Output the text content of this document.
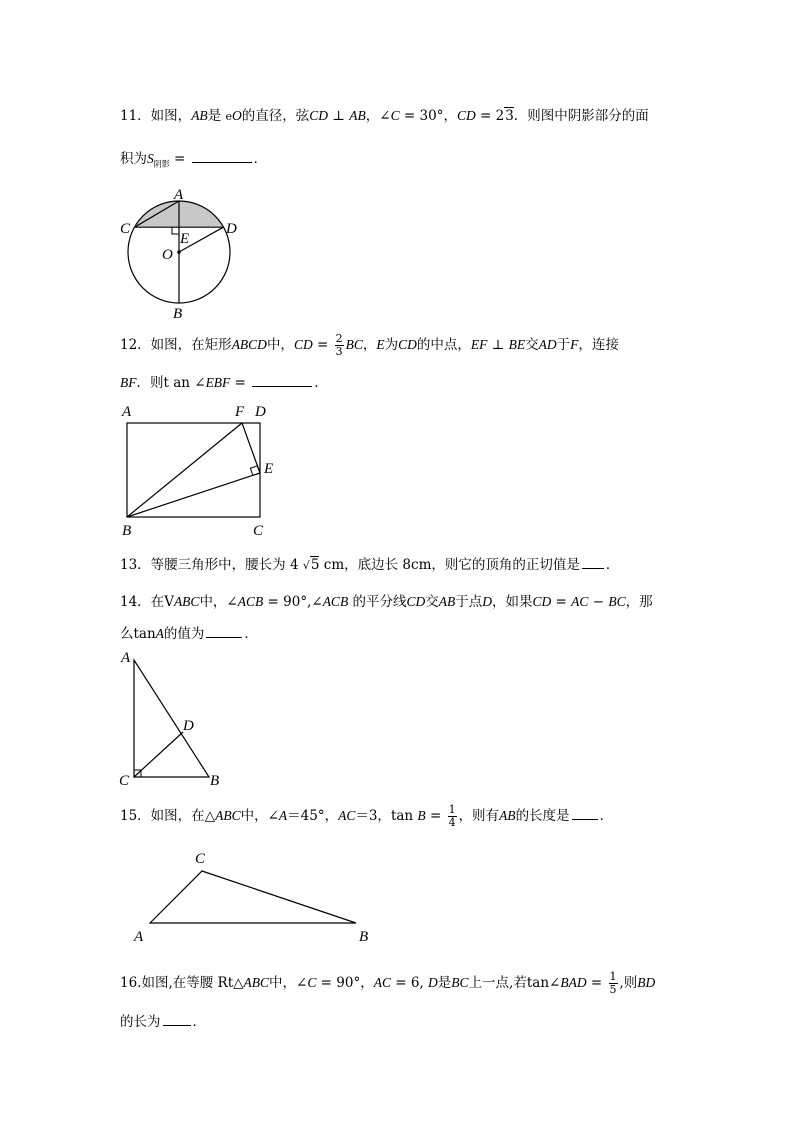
11．如图，AB是 eO的直径，弦CD ⊥ AB，∠C = 30°，CD = 23．则图中阴影部分的面
积为$S_{阴影}$ =	．
A
B
C	D
E
O
12．如图，在矩形ABCD中，CD = $\frac{2}{3}$ BC，E为CD的中点，EF ⊥ BE交AD于F，连接
BF．则t an ∠EBF =	．
A	F D
E
B	C
13．等腰三角形中，腰长为 4 √5 cm，底边长 8cm，则它的顶角的正切值是 ．
14．在VABC中，∠ACB = 90°,∠ACB 的平分线CD交AB于点D，如果CD = AC − BC，那
么tanA的值为	．
A
D
C	B
15．如图，在△ABC中，∠A＝45°，AC＝3，$\tan B = \frac{1}{4}$ ，则有AB的长度是 ．
C
A	B
16.如图,在等腰 Rt△ABC中，∠C = 90°，AC = 6, D是BC上一点,若tan∠BAD = $\frac{1}{5}$ ,则BD
的长为 ．
